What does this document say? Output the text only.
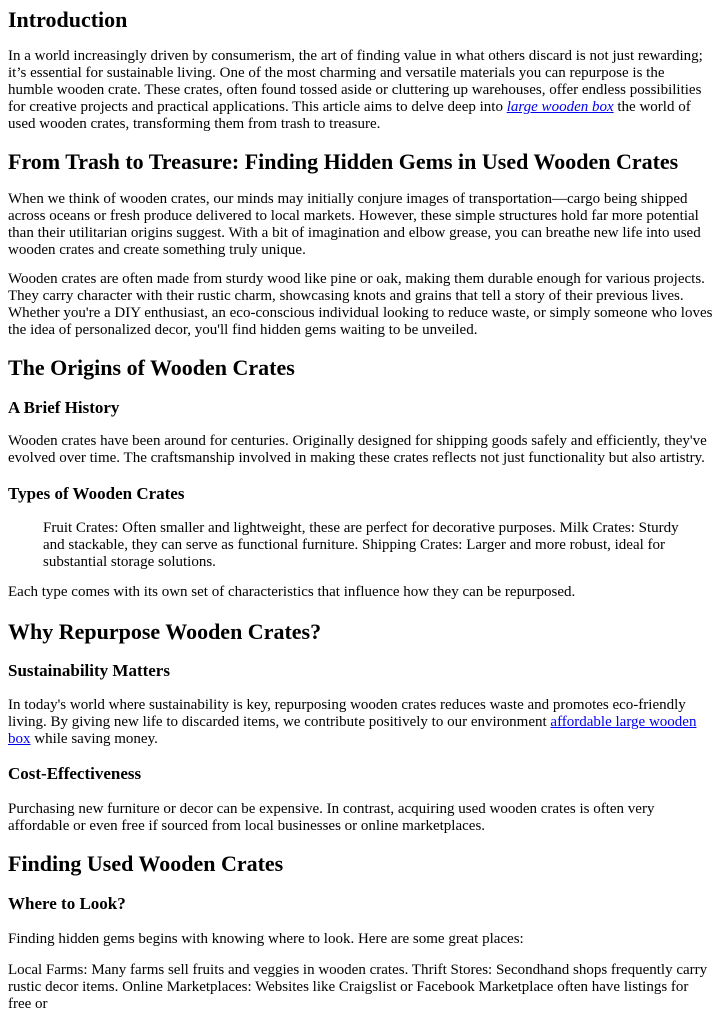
Introduction

In a world increasingly driven by consumerism, the art of finding value in what others discard is not just rewarding; it’s essential for sustainable living. One of the most charming and versatile materials you can repurpose is the humble wooden crate. These crates, often found tossed aside or cluttering up warehouses, offer endless possibilities for creative projects and practical applications. This article aims to delve deep into large wooden box the world of used wooden crates, transforming them from trash to treasure.

From Trash to Treasure: Finding Hidden Gems in Used Wooden Crates

When we think of wooden crates, our minds may initially conjure images of transportation—cargo being shipped across oceans or fresh produce delivered to local markets. However, these simple structures hold far more potential than their utilitarian origins suggest. With a bit of imagination and elbow grease, you can breathe new life into used wooden crates and create something truly unique.

Wooden crates are often made from sturdy wood like pine or oak, making them durable enough for various projects. They carry character with their rustic charm, showcasing knots and grains that tell a story of their previous lives. Whether you're a DIY enthusiast, an eco-conscious individual looking to reduce waste, or simply someone who loves the idea of personalized decor, you'll find hidden gems waiting to be unveiled.

The Origins of Wooden Crates
A Brief History

Wooden crates have been around for centuries. Originally designed for shipping goods safely and efficiently, they've evolved over time. The craftsmanship involved in making these crates reflects not just functionality but also artistry.

Types of Wooden Crates

Fruit Crates: Often smaller and lightweight, these are perfect for decorative purposes. Milk Crates: Sturdy and stackable, they can serve as functional furniture. Shipping Crates: Larger and more robust, ideal for substantial storage solutions.

Each type comes with its own set of characteristics that influence how they can be repurposed.

Why Repurpose Wooden Crates?
Sustainability Matters

In today's world where sustainability is key, repurposing wooden crates reduces waste and promotes eco-friendly living. By giving new life to discarded items, we contribute positively to our environment affordable large wooden box while saving money.

Cost-Effectiveness

Purchasing new furniture or decor can be expensive. In contrast, acquiring used wooden crates is often very affordable or even free if sourced from local businesses or online marketplaces.

Finding Used Wooden Crates
Where to Look?

Finding hidden gems begins with knowing where to look. Here are some great places:

Local Farms: Many farms sell fruits and veggies in wooden crates. Thrift Stores: Secondhand shops frequently carry rustic decor items. Online Marketplaces: Websites like Craigslist or Facebook Marketplace often have listings for free or
